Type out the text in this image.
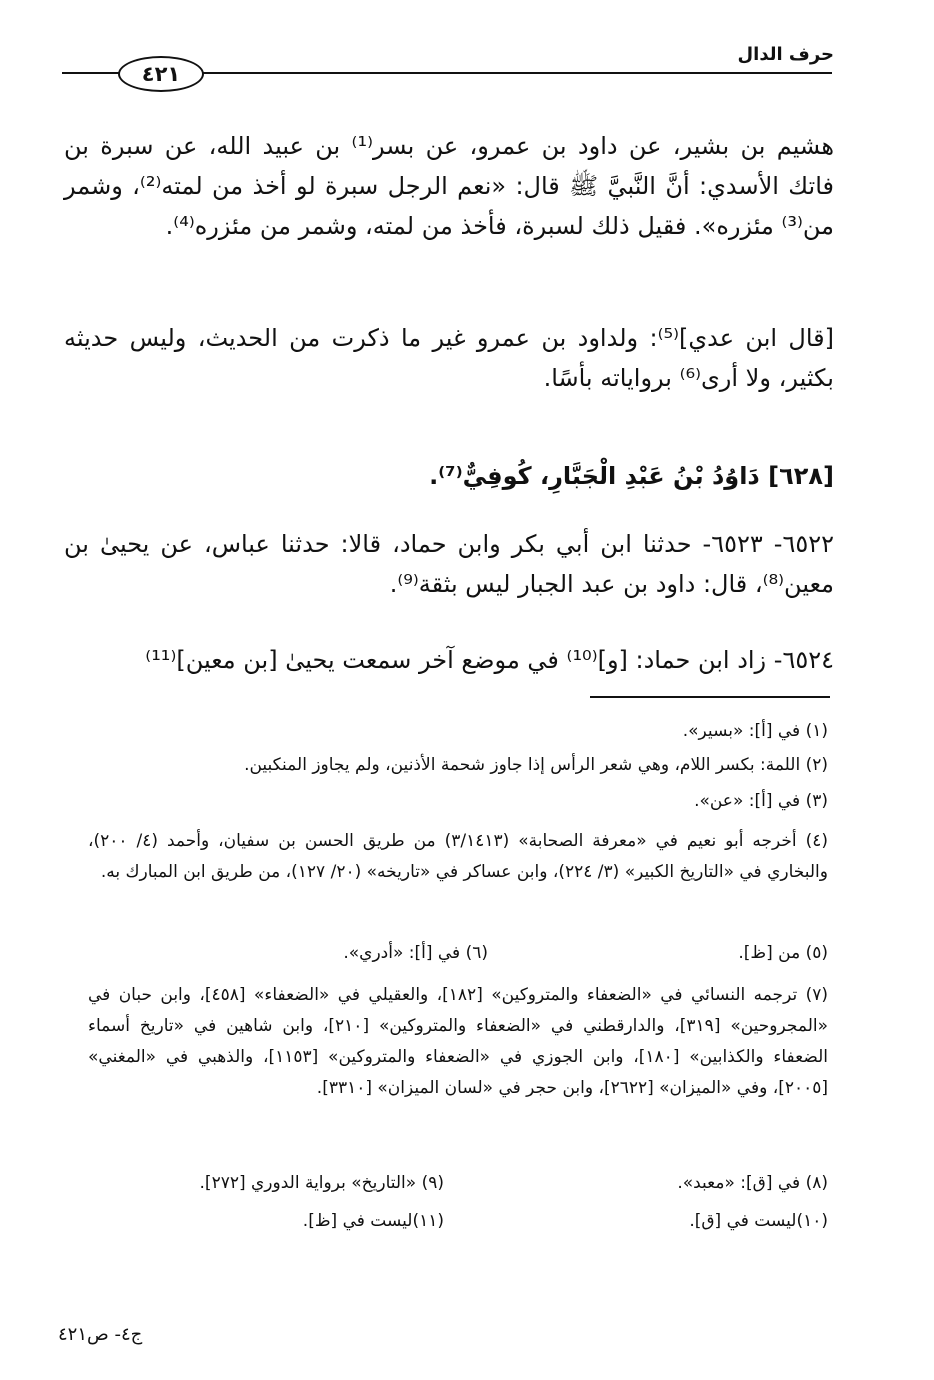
حرف الدال
٤٢١
هشيم بن بشير، عن داود بن عمرو، عن بسر⁽¹⁾ بن عبيد الله، عن سبرة بن فاتك الأسدي: أنَّ النَّبيَّ ﷺ قال: «نعم الرجل سبرة لو أخذ من لمته⁽²⁾، وشمر من⁽³⁾ مئزره». فقيل ذلك لسبرة، فأخذ من لمته، وشمر من مئزره⁽⁴⁾.
[قال ابن عدي]⁽⁵⁾: ولداود بن عمرو غير ما ذكرت من الحديث، وليس حديثه بكثير، ولا أرى⁽⁶⁾ برواياته بأسًا.
[٦٢٨] دَاوُدُ بْنُ عَبْدِ الْجَبَّارِ، كُوفِيٌّ⁽⁷⁾.
٦٥٢٢- ٦٥٢٣- حدثنا ابن أبي بكر وابن حماد، قالا: حدثنا عباس، عن يحيىٰ بن معين⁽⁸⁾، قال: داود بن عبد الجبار ليس بثقة⁽⁹⁾.
٦٥٢٤- زاد ابن حماد: [و]⁽¹⁰⁾ في موضع آخر سمعت يحيىٰ [بن معين]⁽¹¹⁾
(١) في [أ]: «بسير».
(٢) اللمة: بكسر اللام، وهي شعر الرأس إذا جاوز شحمة الأذنين، ولم يجاوز المنكبين.
(٣) في [أ]: «عن».
(٤) أخرجه أبو نعيم في «معرفة الصحابة» (٣/١٤١٣) من طريق الحسن بن سفيان، وأحمد (٤/ ٢٠٠)، والبخاري في «التاريخ الكبير» (٣/ ٢٢٤)، وابن عساكر في «تاريخه» (٢٠/ ١٢٧)، من طريق ابن المبارك به.
(٥) من [ظ].
(٦) في [أ]: «أدري».
(٧) ترجمه النسائي في «الضعفاء والمتروكين» [١٨٢]، والعقيلي في «الضعفاء» [٤٥٨]، وابن حبان في «المجروحين» [٣١٩]، والدارقطني في «الضعفاء والمتروكين» [٢١٠]، وابن شاهين في «تاريخ أسماء الضعفاء والكذابين» [١٨٠]، وابن الجوزي في «الضعفاء والمتروكين» [١١٥٣]، والذهبي في «المغني» [٢٠٠٥]، وفي «الميزان» [٢٦٢٢]، وابن حجر في «لسان الميزان» [٣٣١٠].
(٨) في [ق]: «معبد».
(٩) «التاريخ» برواية الدوري [٢٧٢].
(١٠)ليست في [ق].
(١١)ليست في [ظ].
ج٤- ص٤٢١
